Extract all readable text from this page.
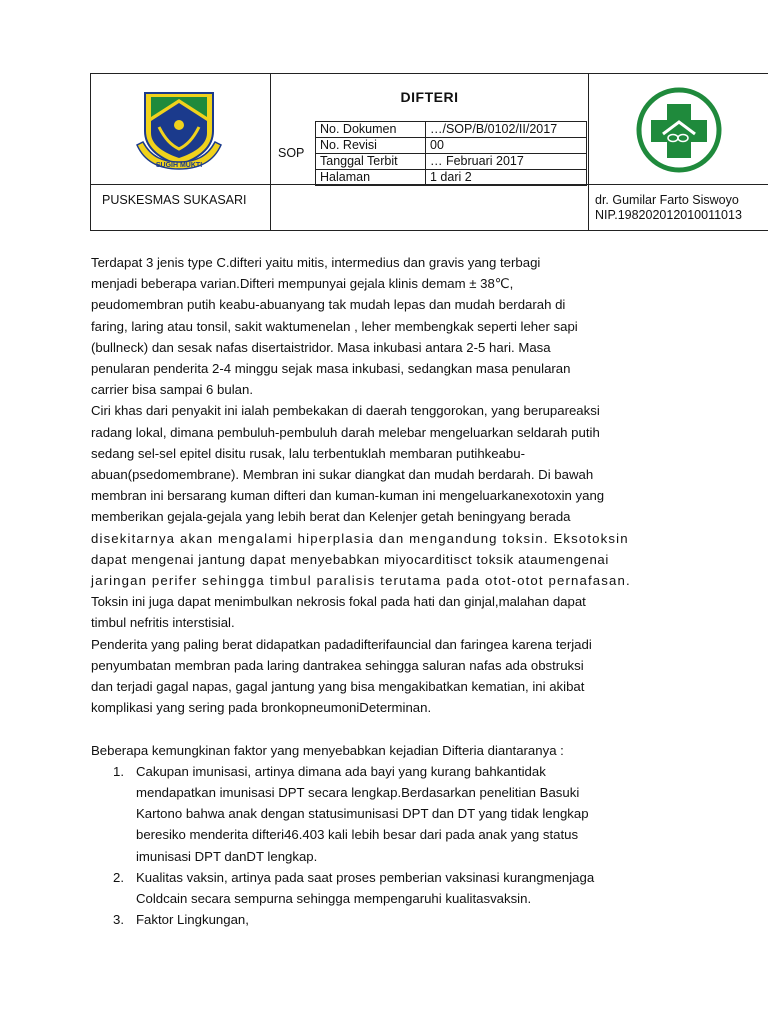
SUGIH MUKTI
DIFTERI
SOP
No. Dokumen	…/SOP/B/0102/II/2017
No. Revisi	00
Tanggal Terbit	… Februari 2017
Halaman	1 dari 2
PUSKESMAS SUKASARI	dr. Gumilar Farto Siswoyo
NIP.198202012010011013

Terdapat 3 jenis type C.difteri yaitu mitis, intermedius dan gravis yang terbagi
menjadi beberapa varian.Difteri mempunyai gejala klinis demam ± 38℃,
peudomembran putih keabu-abuanyang tak mudah lepas dan mudah berdarah di
faring, laring atau tonsil, sakit waktumenelan , leher membengkak seperti leher sapi
(bullneck) dan sesak nafas disertaistridor. Masa inkubasi antara 2-5 hari. Masa
penularan penderita 2-4 minggu sejak masa inkubasi, sedangkan masa penularan
carrier bisa sampai 6 bulan.

Ciri khas dari penyakit ini ialah pembekakan di daerah tenggorokan, yang berupareaksi
radang lokal, dimana pembuluh-pembuluh darah melebar mengeluarkan seldarah putih
sedang sel-sel epitel disitu rusak, lalu terbentuklah membaran putihkeabu-
abuan(psedomembrane). Membran ini sukar diangkat dan mudah berdarah. Di bawah
membran ini bersarang kuman difteri dan kuman-kuman ini mengeluarkanexotoxin yang
memberikan gejala-gejala yang lebih berat dan Kelenjer getah beningyang berada
disekitarnya akan mengalami hiperplasia dan mengandung toksin. Eksotoksin
dapat mengenai jantung dapat menyebabkan miyocarditisct toksik ataumengenai
jaringan perifer sehingga timbul paralisis terutama pada otot-otot pernafasan.
Toksin ini juga dapat menimbulkan nekrosis fokal pada hati dan ginjal,malahan dapat
timbul nefritis interstisial.

Penderita yang paling berat didapatkan padadifterifauncial dan faringea karena terjadi
penyumbatan membran pada laring dantrakea sehingga saluran nafas ada obstruksi
dan terjadi gagal napas, gagal jantung yang bisa mengakibatkan kematian, ini akibat
komplikasi yang sering pada bronkopneumoniDeterminan.

Beberapa kemungkinan faktor yang menyebabkan kejadian Difteria diantaranya :

1. Cakupan imunisasi, artinya dimana ada bayi yang kurang bahkantidak
mendapatkan imunisasi DPT secara lengkap.Berdasarkan penelitian Basuki
Kartono bahwa anak dengan statusimunisasi DPT dan DT yang tidak lengkap
beresiko menderita difteri46.403 kali lebih besar dari pada anak yang status
imunisasi DPT danDT lengkap.
2. Kualitas vaksin, artinya pada saat proses pemberian vaksinasi kurangmenjaga
Coldcain secara sempurna sehingga mempengaruhi kualitasvaksin.
3. Faktor Lingkungan,
